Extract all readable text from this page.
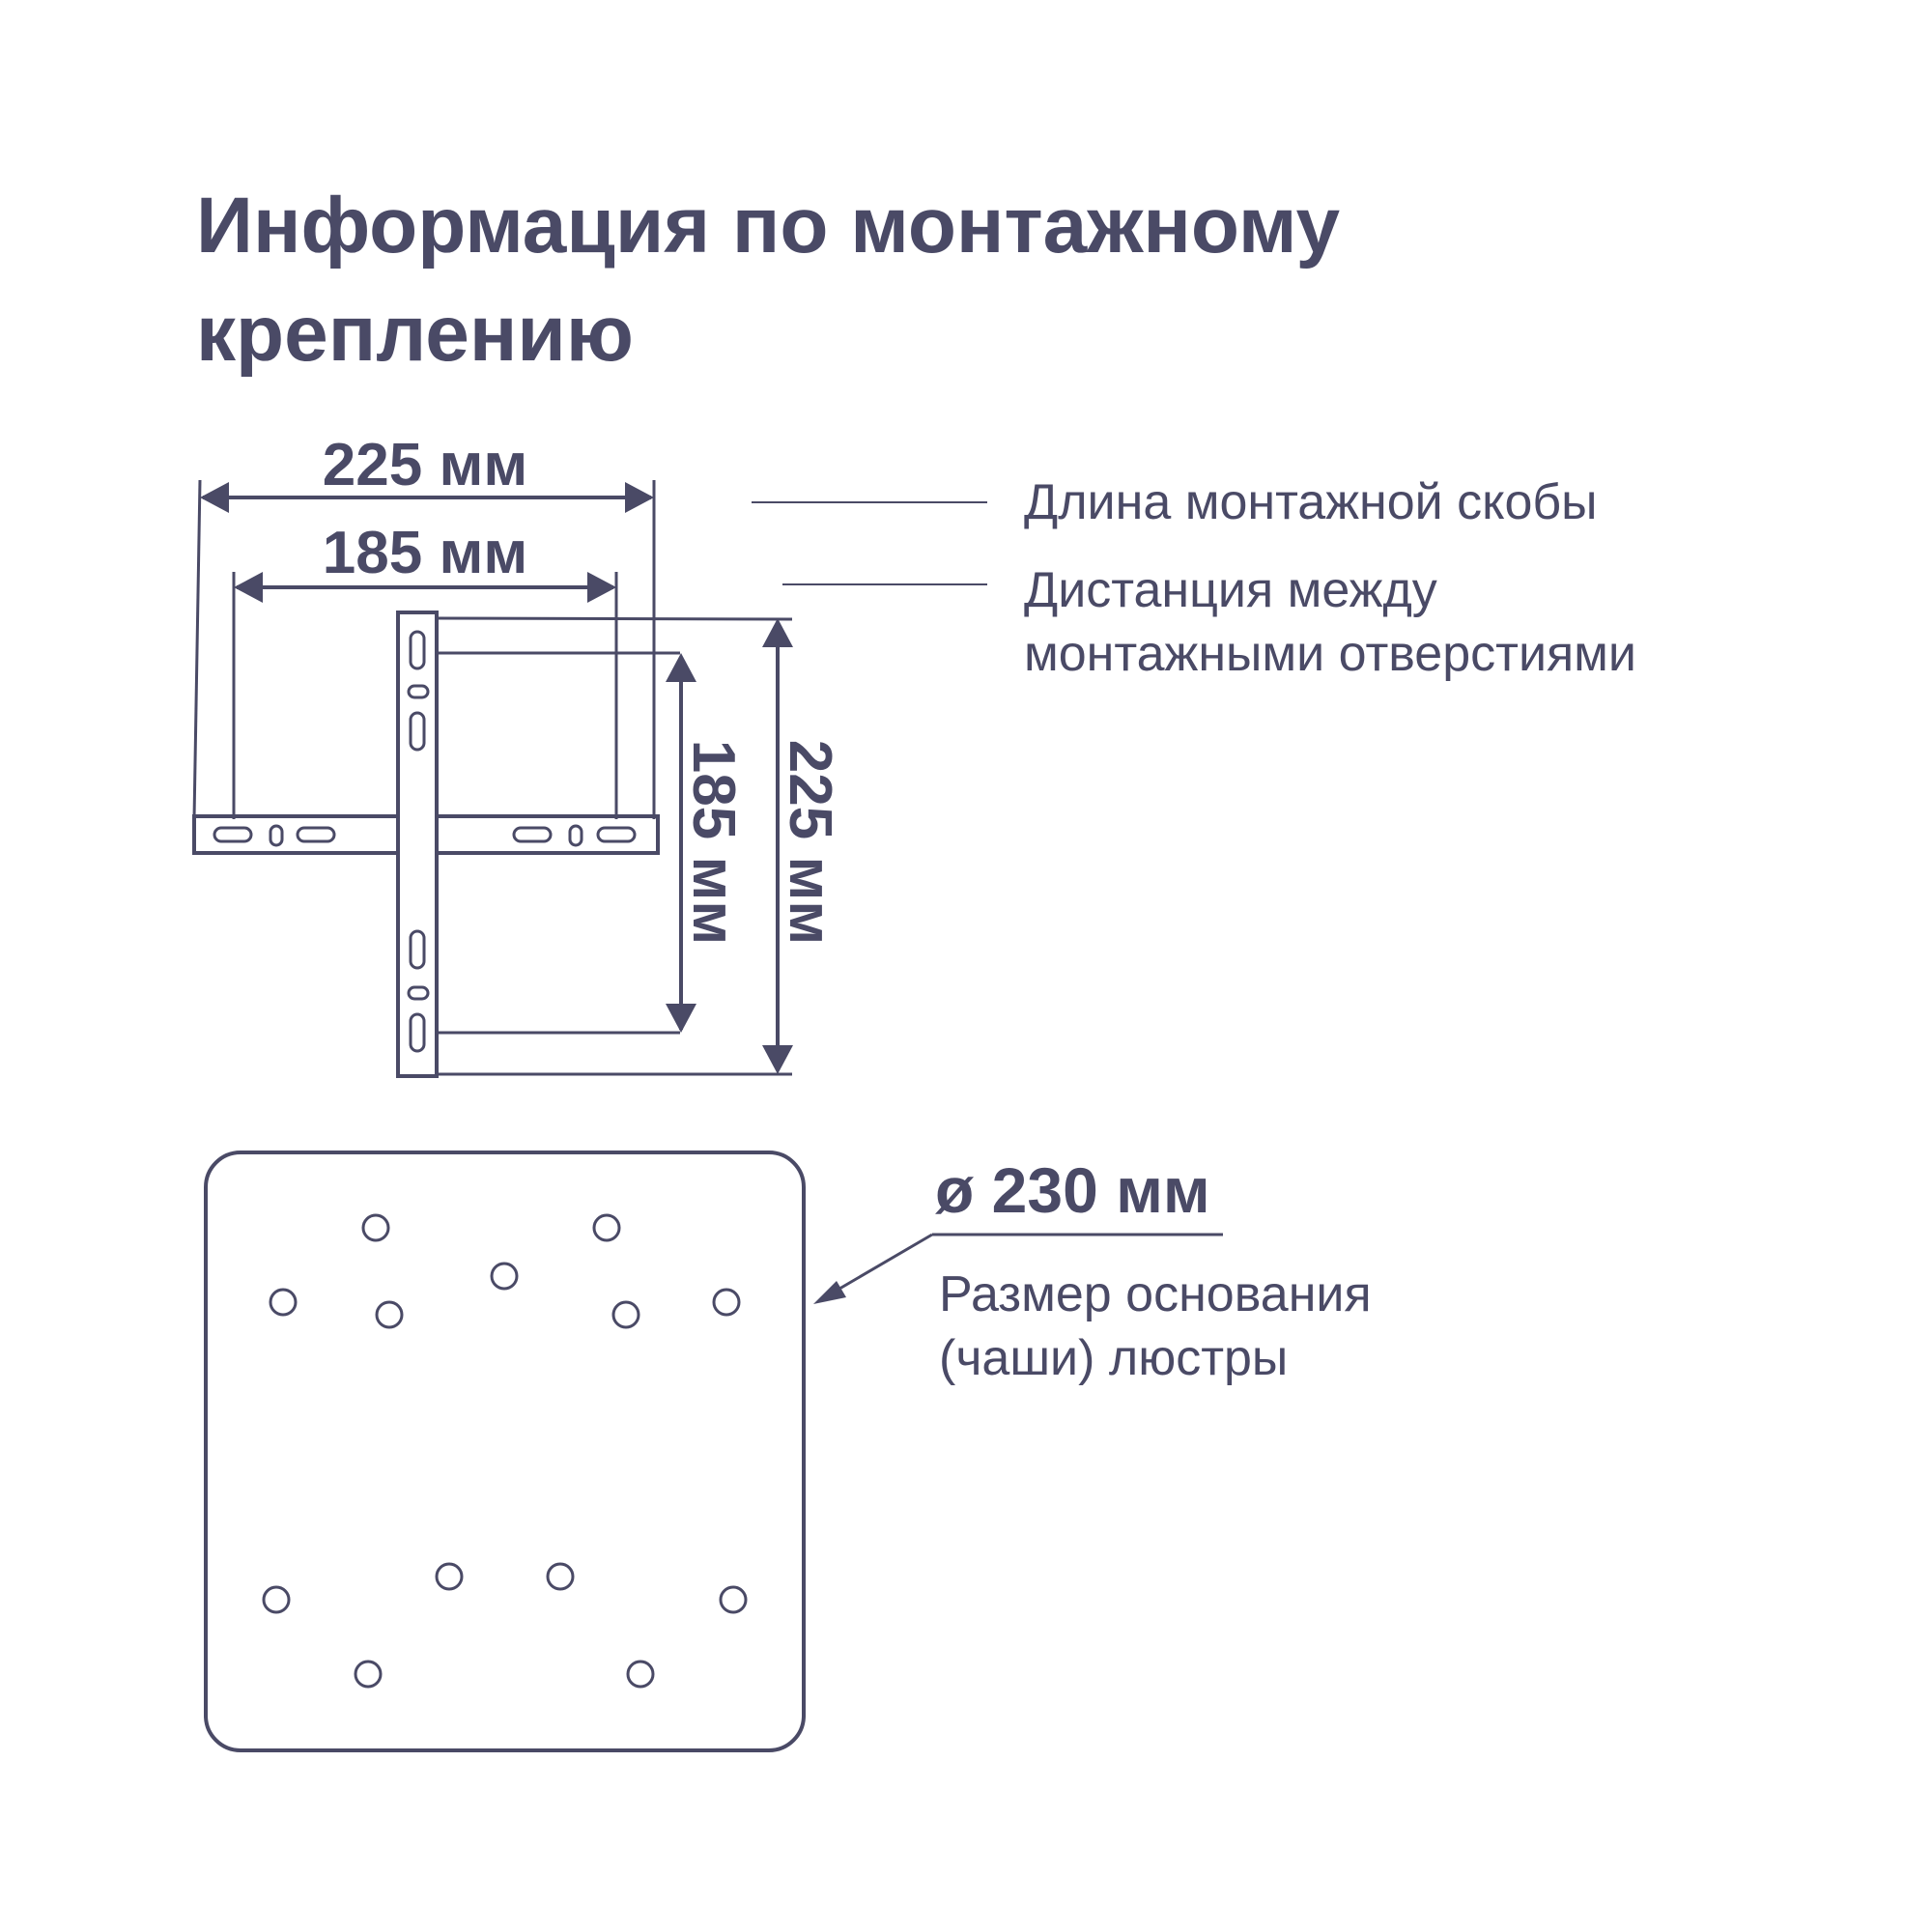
Информация по монтажному
креплению
225 мм
185 мм
185 мм 225 мм
ø 230 мм
Длина монтажной скобы
Дистанция между
монтажными отверстиями
Размер основания
(чаши) люстры
